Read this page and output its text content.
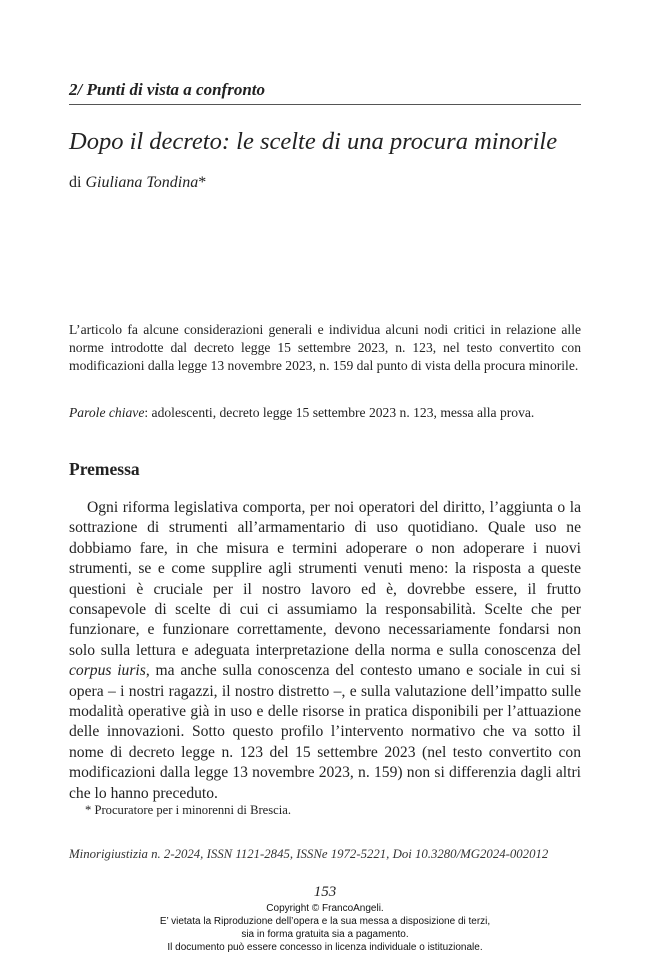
2/ Punti di vista a confronto
Dopo il decreto: le scelte di una procura minorile
di Giuliana Tondina*

L’articolo fa alcune considerazioni generali e individua alcuni nodi critici in relazione alle norme introdotte dal decreto legge 15 settembre 2023, n. 123, nel testo convertito con modificazioni dalla legge 13 novembre 2023, n. 159 dal punto di vista della procura minorile.

Parole chiave: adolescenti, decreto legge 15 settembre 2023 n. 123, messa alla prova.

Premessa

Ogni riforma legislativa comporta, per noi operatori del diritto, l’aggiunta o la sottrazione di strumenti all’armamentario di uso quotidiano. Quale uso ne dobbiamo fare, in che misura e termini adoperare o non adoperare i nuovi strumenti, se e come supplire agli strumenti venuti meno: la risposta a queste questioni è cruciale per il nostro lavoro ed è, dovrebbe essere, il frutto consapevole di scelte di cui ci assumiamo la responsabilità. Scelte che per funzionare, e funzionare correttamente, devono necessariamente fondarsi non solo sulla lettura e adeguata interpretazione della norma e sulla conoscenza del corpus iuris, ma anche sulla conoscenza del contesto umano e sociale in cui si opera – i nostri ragazzi, il nostro distretto –, e sulla valutazione dell’impatto sulle modalità operative già in uso e delle risorse in pratica disponibili per l’attuazione delle innovazioni. Sotto questo profilo l’intervento normativo che va sotto il nome di decreto legge n. 123 del 15 settembre 2023 (nel testo convertito con modificazioni dalla legge 13 novembre 2023, n. 159) non si differenzia dagli altri che lo hanno preceduto.

* Procuratore per i minorenni di Brescia.
Minorigiustizia n. 2-2024, ISSN 1121-2845, ISSNe 1972-5221, Doi 10.3280/MG2024-002012
153
Copyright © FrancoAngeli.
E’ vietata la Riproduzione dell’opera e la sua messa a disposizione di terzi,
sia in forma gratuita sia a pagamento.
Il documento può essere concesso in licenza individuale o istituzionale.
